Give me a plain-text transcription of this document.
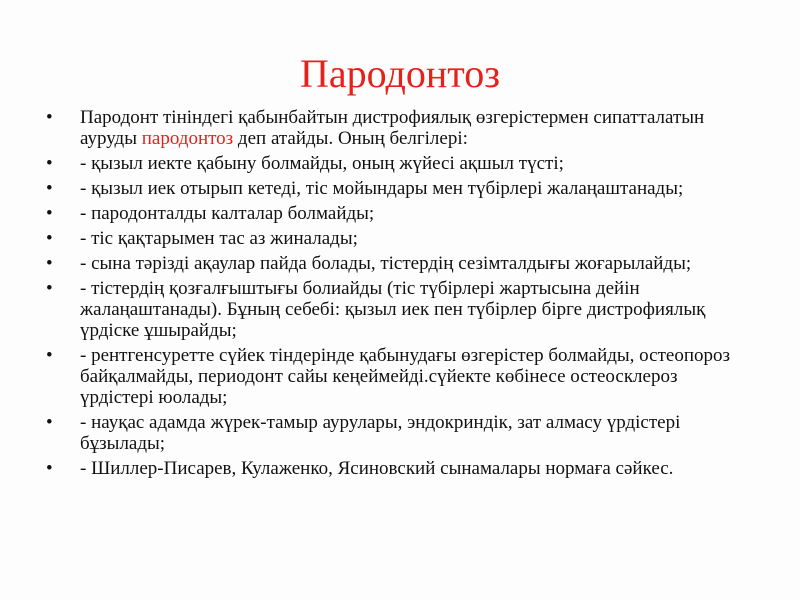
Пародонтоз
• Пародонт тініндегі қабынбайтын дистрофиялық өзгерістермен сипатталатын ауруды пародонтоз деп атайды. Оның белгілері:
• - қызыл иекте қабыну болмайды, оның жүйесі ақшыл түсті;
• - қызыл иек отырып кетеді, тіс мойындары мен түбірлері жалаңаштанады;
• - пародонталды калталар болмайды;
• - тіс қақтарымен тас аз жиналады;
• - сына тәрізді ақаулар пайда болады, тістердің сезімталдығы жоғарылайды;
• - тістердің қозғалғыштығы болиайды (тіс түбірлері жартысына дейін жалаңаштанады). Бұның себебі: қызыл иек пен түбірлер бірге дистрофиялық үрдіске ұшырайды;
• - рентгенсуретте сүйек тіндерінде қабынудағы өзгерістер болмайды, остеопороз байқалмайды, периодонт сайы кеңеймейді.сүйекте көбінесе остеосклероз үрдістері юолады;
• - науқас адамда жүрек-тамыр аурулары, эндокриндік, зат алмасу үрдістері бұзылады;
• - Шиллер-Писарев, Кулаженко, Ясиновский сынамалары нормаға сәйкес.
